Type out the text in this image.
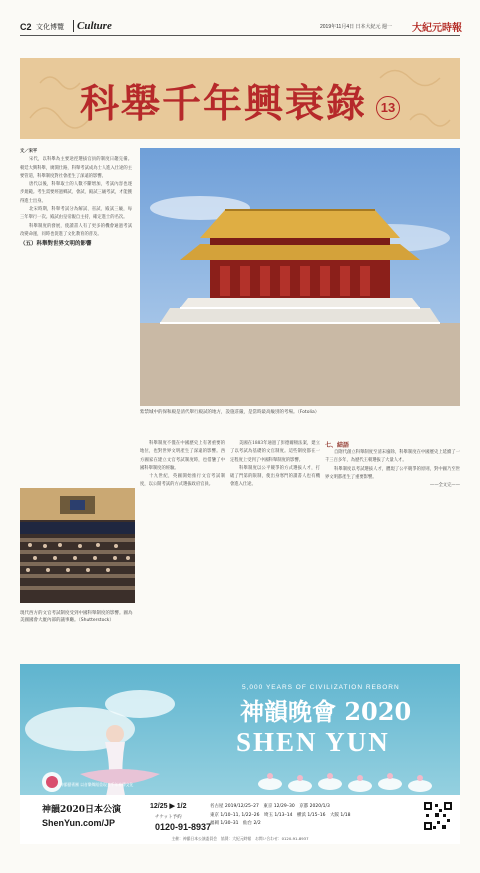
C2 文化博覽 Culture	2019年11月4日 日本大紀元 週一 大紀元時報
科舉千年興衰錄	13

文／宋平

宋代，以科舉為主要途徑選拔官員的制度日趨完備。朝廷大興科舉，廣開仕路，科舉考試成為士人進入仕途的主要管道，科舉制度對社會產生了深遠的影響。

唐代以後，科舉取士的人數不斷增加，考試內容也逐步規範。考生需要經過鄉試、會試、殿試三級考試，才能獲得進士出身。

北宋時期，科舉考試分為解試、省試、殿試三級，每三年舉行一次。殿試由皇帝親自主持，確定進士的名次。

科舉制度的發展，使讀書人有了更多的機會通過考試改變命運，同時也促進了文化教育的普及。

（五）科舉對世界文明的影響

紫禁城中的保和殿是清代舉行殿試的地方，設施莊嚴，是當時最高級別的考場。（Fotolia）
現代西方的文官考試制度受到中國科舉制度的影響。圖為美國國會大廈內部的議事廳。（Shutterstock）

科舉制度不僅在中國歷史上有著重要的地位，也對世界文明產生了深遠的影響。西方國家在建立文官考試制度時，也借鑒了中國科舉制度的經驗。

十九世紀，英國開始推行文官考試制度，以公開考試的方式選拔政府官員。

美國在1883年通過了彭德爾頓法案，建立了以考試為基礎的文官制度。這些制度都在一定程度上受到了中國科舉制度的影響。

科舉制度以公平競爭的方式選拔人才，打破了門第的限制，使出身寒門的讀書人也有機會進入仕途。

七、結語

自隋代創立科舉制度至清末廢除，科舉制度在中國歷史上延續了一千三百多年，為歷代王朝選拔了大量人才。

科舉制度以考試選拔人才，體現了公平競爭的原則，對中國乃至世界文明都產生了重要影響。

——全文完——

5,000 YEARS OF CIVILIZATION REBORN
神韻晚會 2020
SHEN YUN
神韻藝術團 以音樂舞蹈重現五千年神傳文化
神韻2020日本公演	12/25 ▶ 1/2
ShenYun.com/JP
チケット予約
0120-91-8937
名古屋 2019/12/25–27　東京 12/29–30　京都 2020/1/3
東京 1/10–11, 1/22–26　埼玉 1/13–14　横浜 1/15–16　大阪 1/18
福岡 1/30–31　仙台 2/2
主催：神韻日本公演委員会　協賛：大紀元時報　お問い合わせ：0120-91-8937
